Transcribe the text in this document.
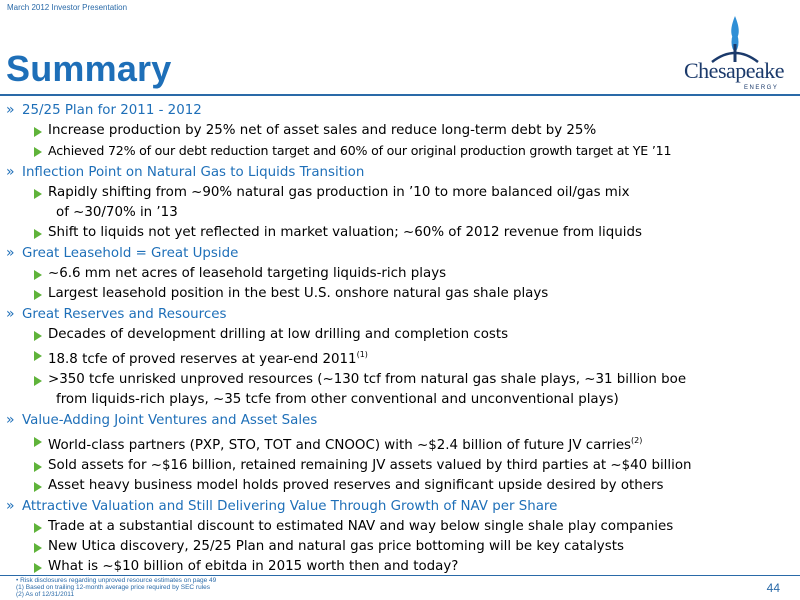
March 2012 Investor Presentation
Summary	Chesapeake
ENERGY
» 25/25 Plan for 2011 - 2012
Increase production by 25% net of asset sales and reduce long-term debt by 25%
Achieved 72% of our debt reduction target and 60% of our original production growth target at YE ’11
» Inflection Point on Natural Gas to Liquids Transition
Rapidly shifting from ~90% natural gas production in ’10 to more balanced oil/gas mix
of ~30/70% in ’13
Shift to liquids not yet reflected in market valuation; ~60% of 2012 revenue from liquids
» Great Leasehold = Great Upside
~6.6 mm net acres of leasehold targeting liquids-rich plays
Largest leasehold position in the best U.S. onshore natural gas shale plays
» Great Reserves and Resources
Decades of development drilling at low drilling and completion costs
18.8 tcfe of proved reserves at year-end $2011^{(1)}$
>350 tcfe unrisked unproved resources (~130 tcf from natural gas shale plays, ~31 billion boe
from liquids-rich plays, ~35 tcfe from other conventional and unconventional plays)
» Value-Adding Joint Ventures and Asset Sales
World-class partners (PXP, STO, TOT and CNOOC) with ~$2.4 billion of future JV carries$^{(2)}$
Sold assets for ~$16 billion, retained remaining JV assets valued by third parties at ~$40 billion
Asset heavy business model holds proved reserves and significant upside desired by others
» Attractive Valuation and Still Delivering Value Through Growth of NAV per Share
Trade at a substantial discount to estimated NAV and way below single shale play companies
New Utica discovery, 25/25 Plan and natural gas price bottoming will be key catalysts
What is ~$10 billion of ebitda in 2015 worth then and today?
• Risk disclosures regarding unproved resource estimates on page 49
(1) Based on trailing 12-month average price required by SEC rules
(2) As of 12/31/2011	44
